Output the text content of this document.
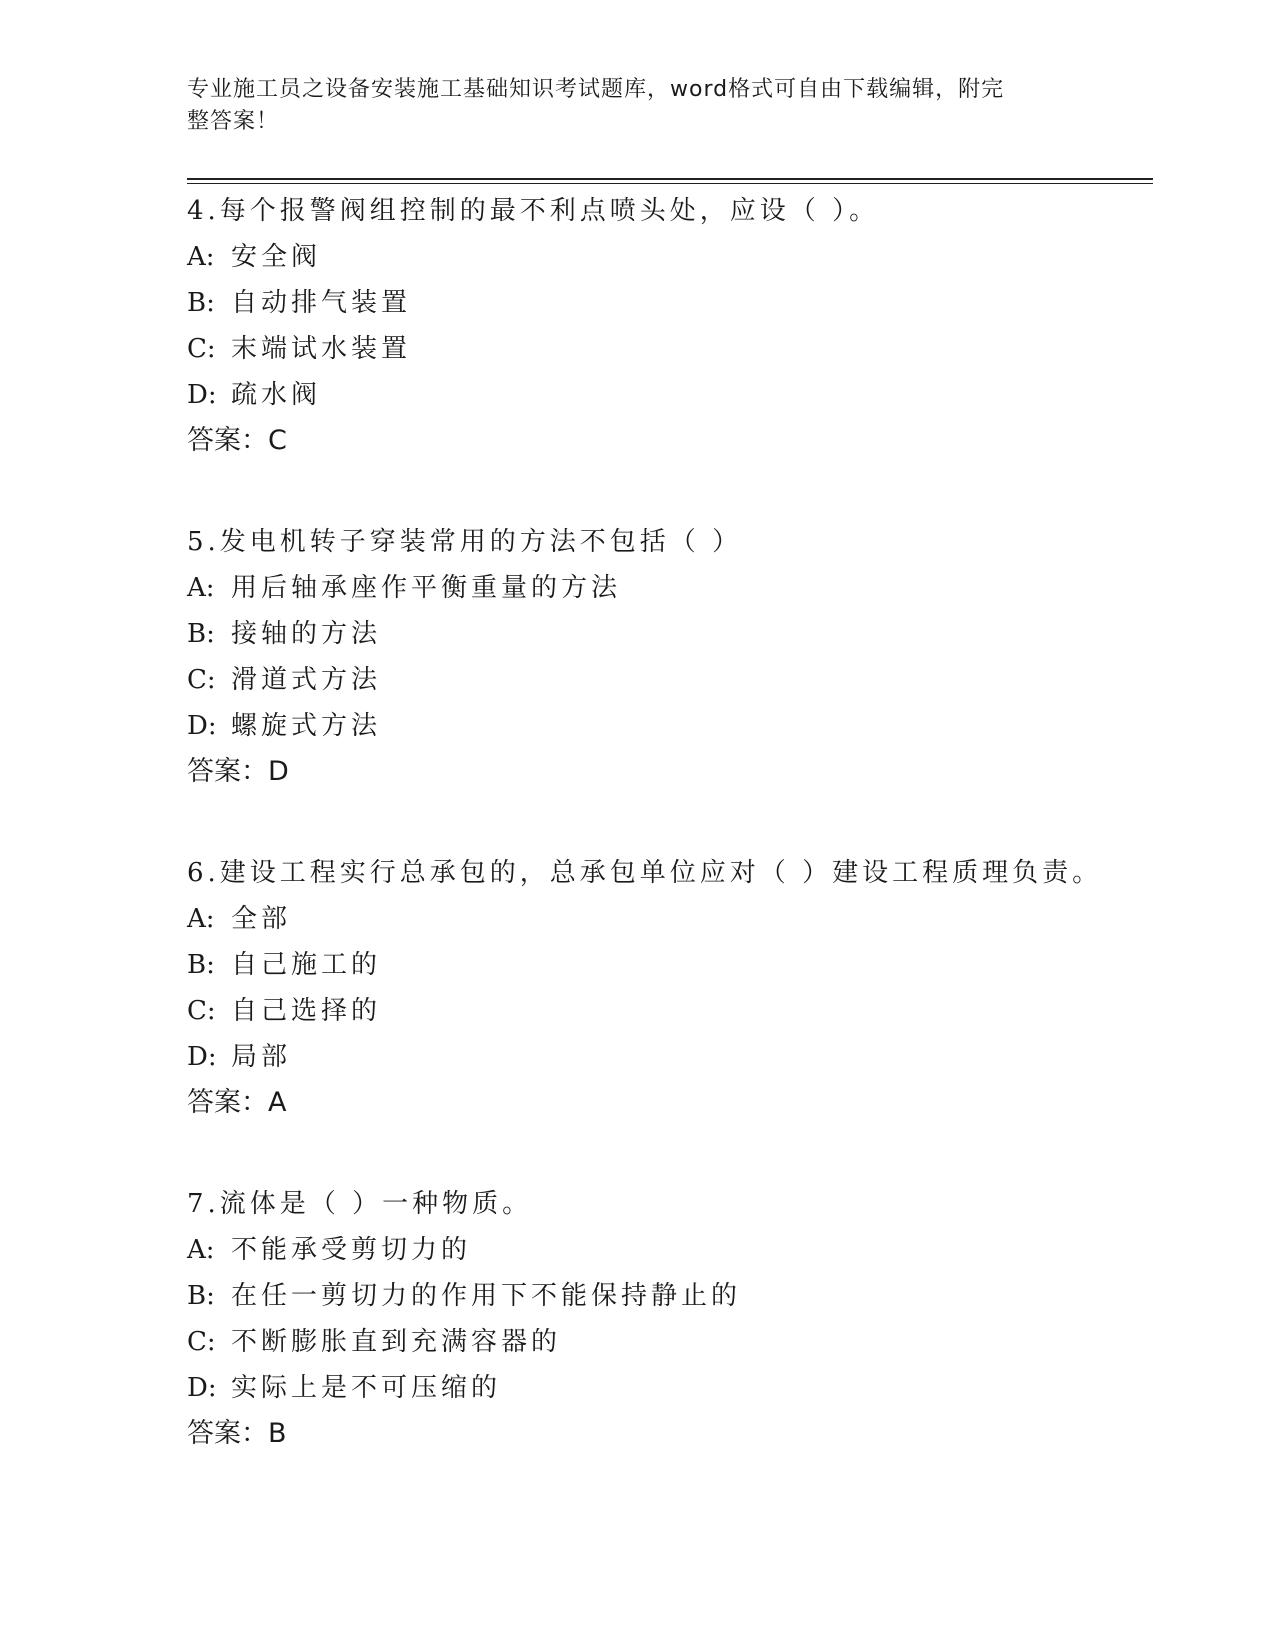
专业施工员之设备安装施工基础知识考试题库，word格式可自由下载编辑，附完
整答案！
4.每个报警阀组控制的最不利点喷头处，应设（ ）。
A: 安全阀
B: 自动排气装置
C: 末端试水装置
D: 疏水阀
答案：C
5.发电机转子穿装常用的方法不包括（ ）
A: 用后轴承座作平衡重量的方法
B: 接轴的方法
C: 滑道式方法
D: 螺旋式方法
答案：D
6.建设工程实行总承包的，总承包单位应对（ ）建设工程质理负责。
A: 全部
B: 自己施工的
C: 自己选择的
D: 局部
答案：A
7.流体是（ ）一种物质。
A: 不能承受剪切力的
B: 在任一剪切力的作用下不能保持静止的
C: 不断膨胀直到充满容器的
D: 实际上是不可压缩的
答案：B
